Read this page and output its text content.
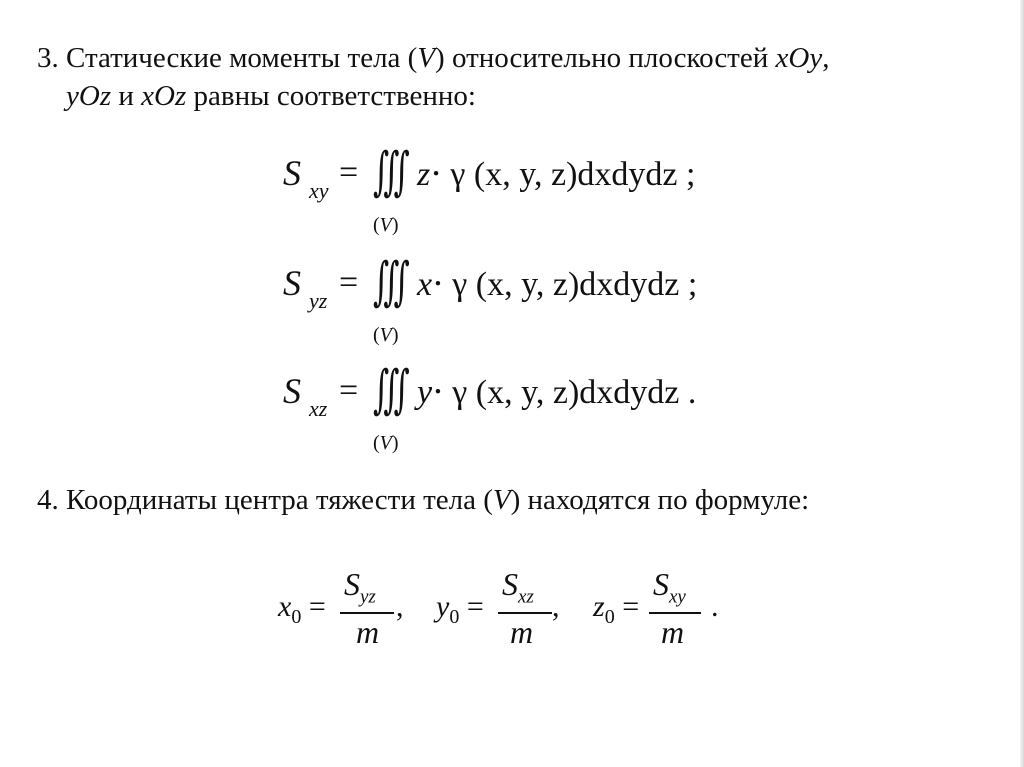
3. Статические моменты тела (V) относительно плоскостей xOy,
yOz и xOz равны соответственно:
S xy = ∭
(V)
z⋅ γ (x, y, z)dxdydz ;
S yz = ∭
(V)
x⋅ γ (x, y, z)dxdydz ;
S xz = ∭
(V)
y⋅ γ (x, y, z)dxdydz .
4. Координаты центра тяжести тела (V) находятся по формуле:
$x_0$ =
$S_{yz}$
m
, $y_0$ =
$S_{xz}$
m
, $z_0$ =
$S_{xy}$
m
.
